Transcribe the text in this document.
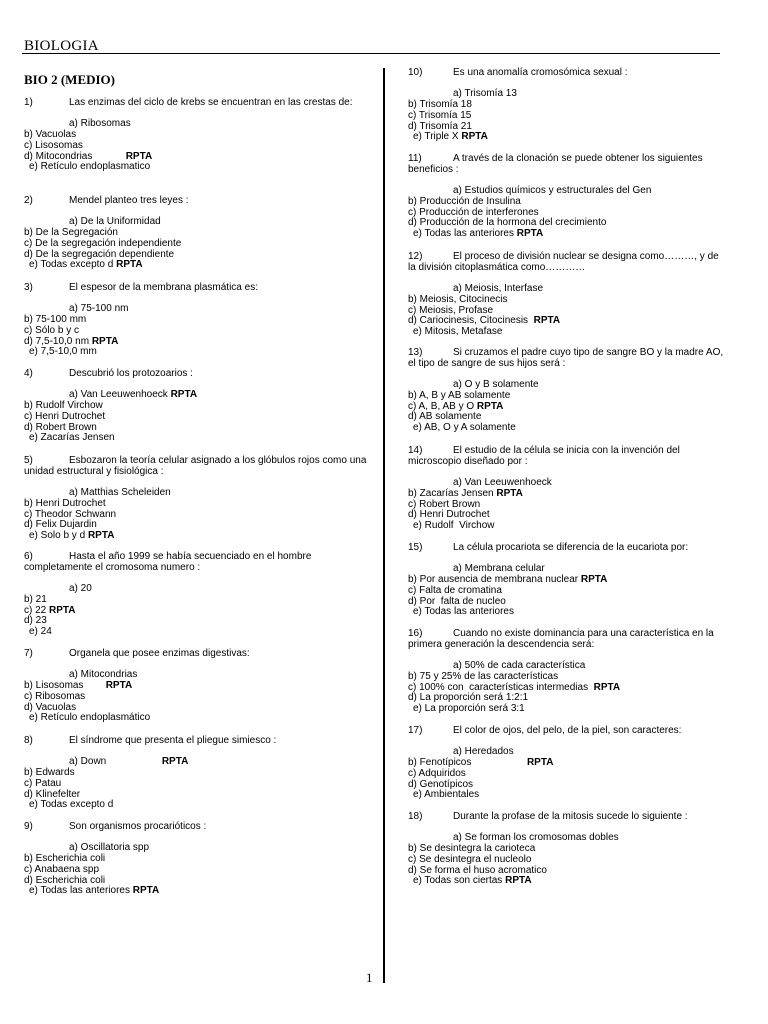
BIOLOGIA
BIO 2 (MEDIO)
1)	Las enzimas del ciclo de krebs se encuentran en las crestas de:
a) Ribosomas
b) Vacuolas
c) Lisosomas
d) Mitocondrias	RPTA
e) Retículo endoplasmatico
2)	Mendel planteo tres leyes :
a) De la Uniformidad
b) De la Segregación
c) De la segregación independiente
d) De la segregación dependiente
e) Todas excepto d RPTA
3)	El espesor de la membrana plasmática es:
a) 75-100 nm
b) 75-100 mm
c) Sólo b y c
d) 7,5-10,0 nm RPTA
e) 7,5-10,0 mm
4)	Descubrió los protozoarios :
a) Van Leeuwenhoeck RPTA
b) Rudolf Virchow
c) Henri Dutrochet
d) Robert Brown
e) Zacarías Jensen
5)	Esbozaron la teoría celular asignado a los glóbulos rojos como una unidad estructural y fisiológica :
a) Matthias Scheleiden
b) Henri Dutrochet
c) Theodor Schwann
d) Felix Dujardin
e) Solo b y d RPTA
6)	Hasta el año 1999 se había secuenciado en el hombre completamente el cromosoma numero :
a) 20
b) 21
c) 22 RPTA
d) 23
e) 24
7)	Organela que posee enzimas digestivas:
a) Mitocondrias
b) Lisosomas RPTA
c) Ribosomas
d) Vacuolas
e) Retículo endoplasmático
8)	El síndrome que presenta el pliegue simiesco :
a) Down	RPTA
b) Edwards
c) Patau
d) Klinefelter
e) Todas excepto d
9)	Son organismos procarióticos :
a) Oscillatoria spp
b) Escherichia coli
c) Anabaena spp
d) Escherichia coli
e) Todas las anteriores RPTA
10)	Es una anomalía cromosómica sexual :
a) Trisomía 13
b) Trisomía 18
c) Trisomía 15
d) Trisomía 21
e) Triple X RPTA
11)	A través de la clonación se puede obtener los siguientes beneficios :
a) Estudios químicos y estructurales del Gen
b) Producción de Insulina
c) Producción de interferones
d) Producción de la hormona del crecimiento
e) Todas las anteriores RPTA
12)	El proceso de división nuclear se designa como………, y de la división citoplasmática como…………
a) Meiosis, Interfase
b) Meiosis, Citocinecis
c) Meiosis, Profase
d) Cariocinesis, Citocinesis RPTA
e) Mitosis, Metafase
13)	Si cruzamos el padre cuyo tipo de sangre BO y la madre AO, el tipo de sangre de sus hijos será :
a) O y B solamente
b) A, B y AB solamente
c) A, B, AB y O RPTA
d) AB solamente
e) AB, O y A solamente
14)	El estudio de la célula se inicia con la invención del microscopio diseñado por :
a) Van Leeuwenhoeck
b) Zacarías Jensen RPTA
c) Robert Brown
d) Henri Dutrochet
e) Rudolf  Virchow
15)	La célula procariota se diferencia de la eucariota por:
a) Membrana celular
b) Por ausencia de membrana nuclear RPTA
c) Falta de cromatina
d) Por  falta de nucleo
e) Todas las anteriores
16)	Cuando no existe dominancia para una característica en la primera generación la descendencia será:
a) 50% de cada característica
b) 75 y 25% de las características
c) 100% con  características intermedias RPTA
d) La proporción será 1:2:1
e) La proporción será 3:1
17)	El color de ojos, del pelo, de la piel, son caracteres:
a) Heredados
b) Fenotípicos	RPTA
c) Adquiridos
d) Genotípicos
e) Ambientales
18)	Durante la profase de la mitosis sucede lo siguiente :
a) Se forman los cromosomas dobles
b) Se desintegra la carioteca
c) Se desintegra el nucleolo
d) Se forma el huso acromatico
e) Todas son ciertas RPTA
1
